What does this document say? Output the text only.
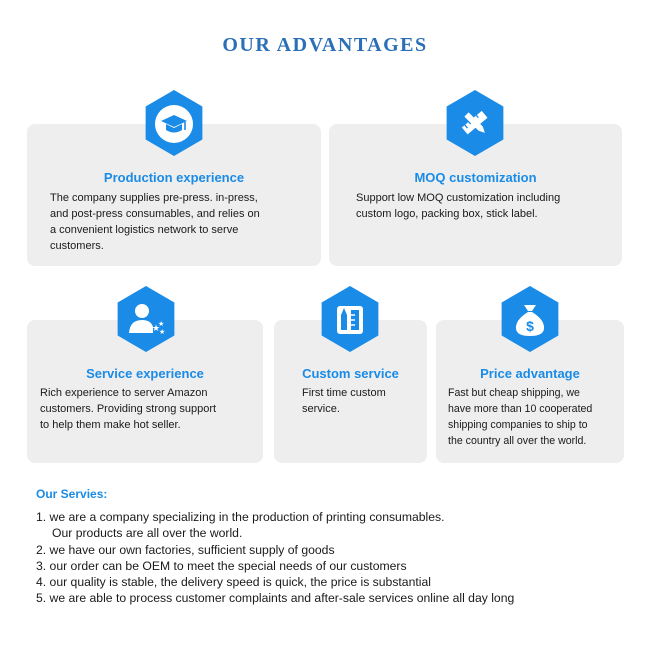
OUR ADVANTAGES
Production experience
The company supplies pre-press. in-press,
and post-press consumables, and relies on
a convenient logistics network to serve
customers.
MOQ customization
Support low MOQ customization including
custom logo, packing box, stick label.
★
★
★
Service experience
Rich experience to server Amazon
customers. Providing strong support
to help them make hot seller.
Custom service
First time custom
service.
$
Price advantage
Fast but cheap shipping, we
have more than 10 cooperated
shipping companies to ship to
the country all over the world.
Our Servies:
1. we are a company specializing in the production of printing consumables.
Our products are all over the world.
2. we have our own factories, sufficient supply of goods
3. our order can be OEM to meet the special needs of our customers
4. our quality is stable, the delivery speed is quick, the price is substantial
5. we are able to process customer complaints and after-sale services online all day long
